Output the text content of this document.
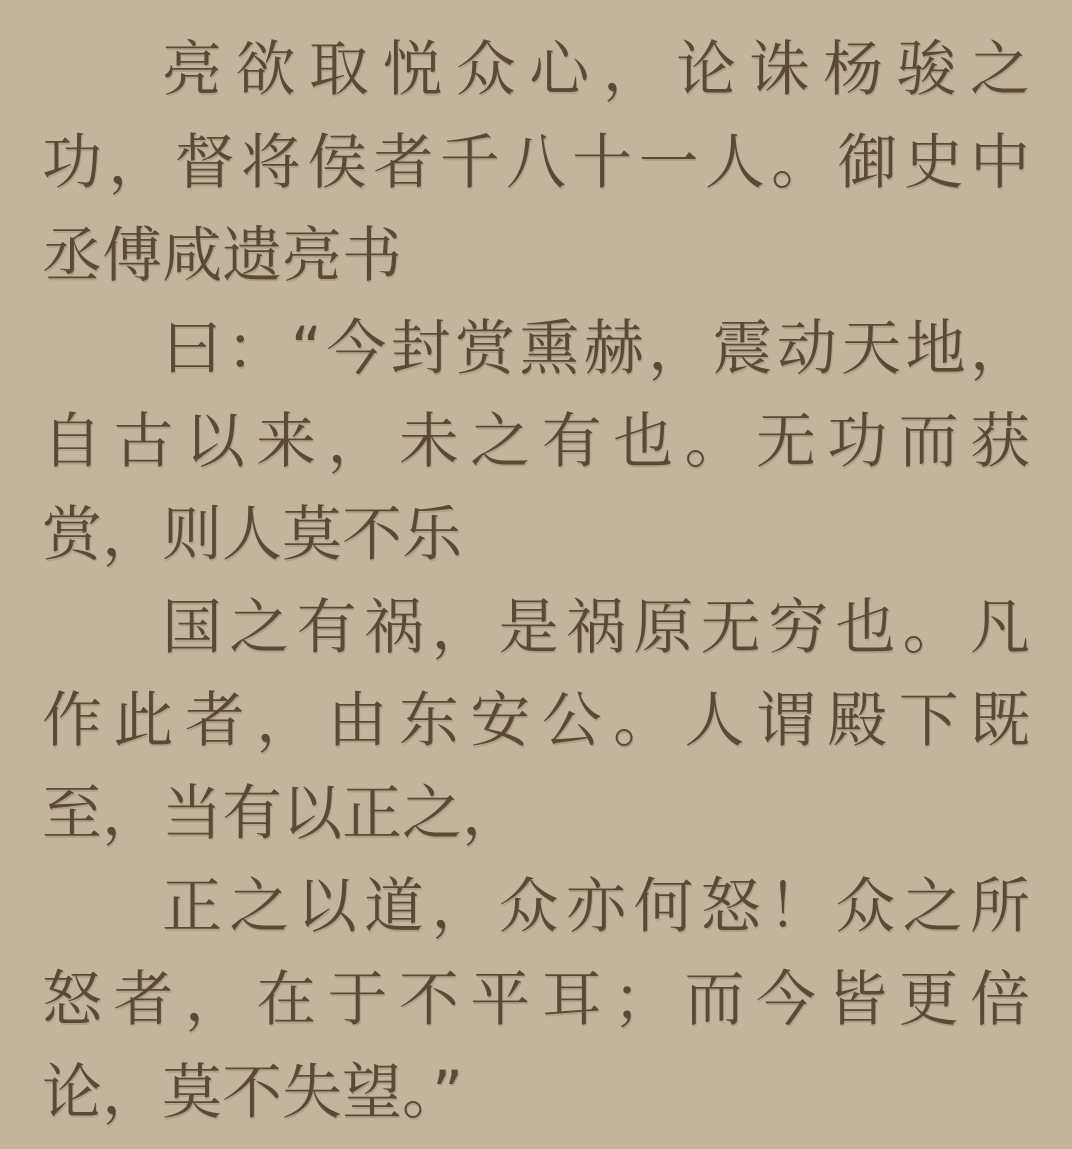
亮欲取悦众心，论诛杨骏之
功，督将侯者千八十一人。御史中
丞傅咸遗亮书
曰：“今封赏熏赫，震动天地，
自古以来，未之有也。无功而获
赏，则人莫不乐
国之有祸，是祸原无穷也。凡
作此者，由东安公。人谓殿下既
至，当有以正之，
正之以道，众亦何怒！众之所
怒者，在于不平耳；而今皆更倍
论，莫不失望。”
